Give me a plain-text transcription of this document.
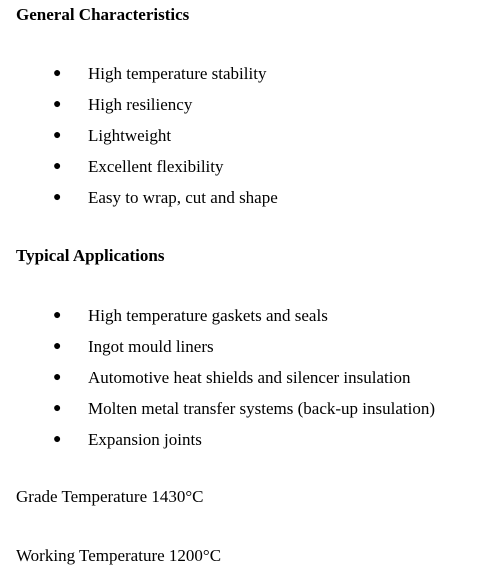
General Characteristics
● High temperature stability
● High resiliency
● Lightweight
● Excellent flexibility
● Easy to wrap, cut and shape
Typical Applications
● High temperature gaskets and seals
● Ingot mould liners
● Automotive heat shields and silencer insulation
● Molten metal transfer systems (back-up insulation)
● Expansion joints

Grade Temperature 1430°C

Working Temperature 1200°C
